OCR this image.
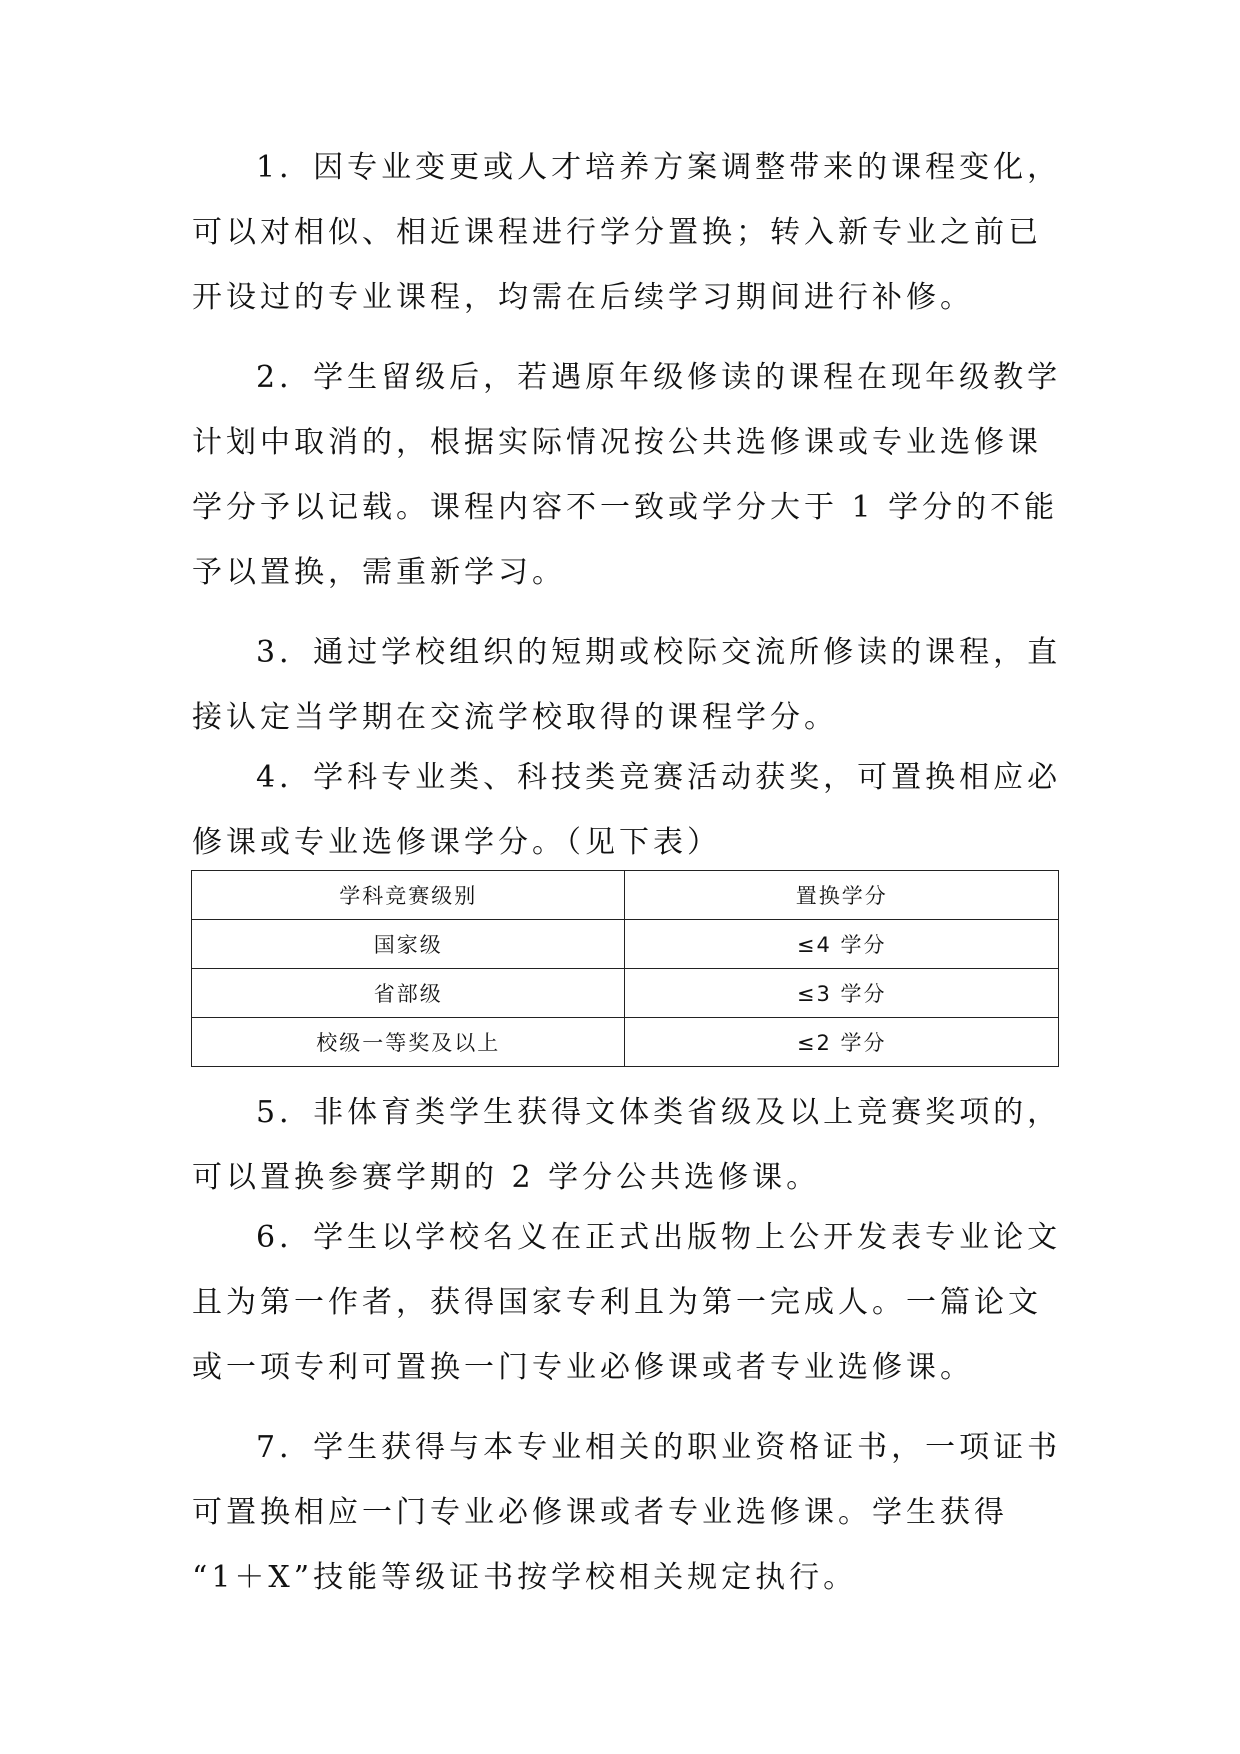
1．因专业变更或人才培养方案调整带来的课程变化，
可以对相似、相近课程进行学分置换；转入新专业之前已
开设过的专业课程，均需在后续学习期间进行补修。
2．学生留级后，若遇原年级修读的课程在现年级教学
计划中取消的，根据实际情况按公共选修课或专业选修课
学分予以记载。课程内容不一致或学分大于 1 学分的不能
予以置换，需重新学习。
3．通过学校组织的短期或校际交流所修读的课程，直
接认定当学期在交流学校取得的课程学分。
4．学科专业类、科技类竞赛活动获奖，可置换相应必
修课或专业选修课学分。（见下表）
学科竞赛级别	置换学分
国家级	≤4 学分
省部级	≤3 学分
校级一等奖及以上	≤2 学分
5．非体育类学生获得文体类省级及以上竞赛奖项的，
可以置换参赛学期的 2 学分公共选修课。
6．学生以学校名义在正式出版物上公开发表专业论文
且为第一作者，获得国家专利且为第一完成人。一篇论文
或一项专利可置换一门专业必修课或者专业选修课。
7．学生获得与本专业相关的职业资格证书，一项证书
可置换相应一门专业必修课或者专业选修课。学生获得
“1＋X”技能等级证书按学校相关规定执行。
